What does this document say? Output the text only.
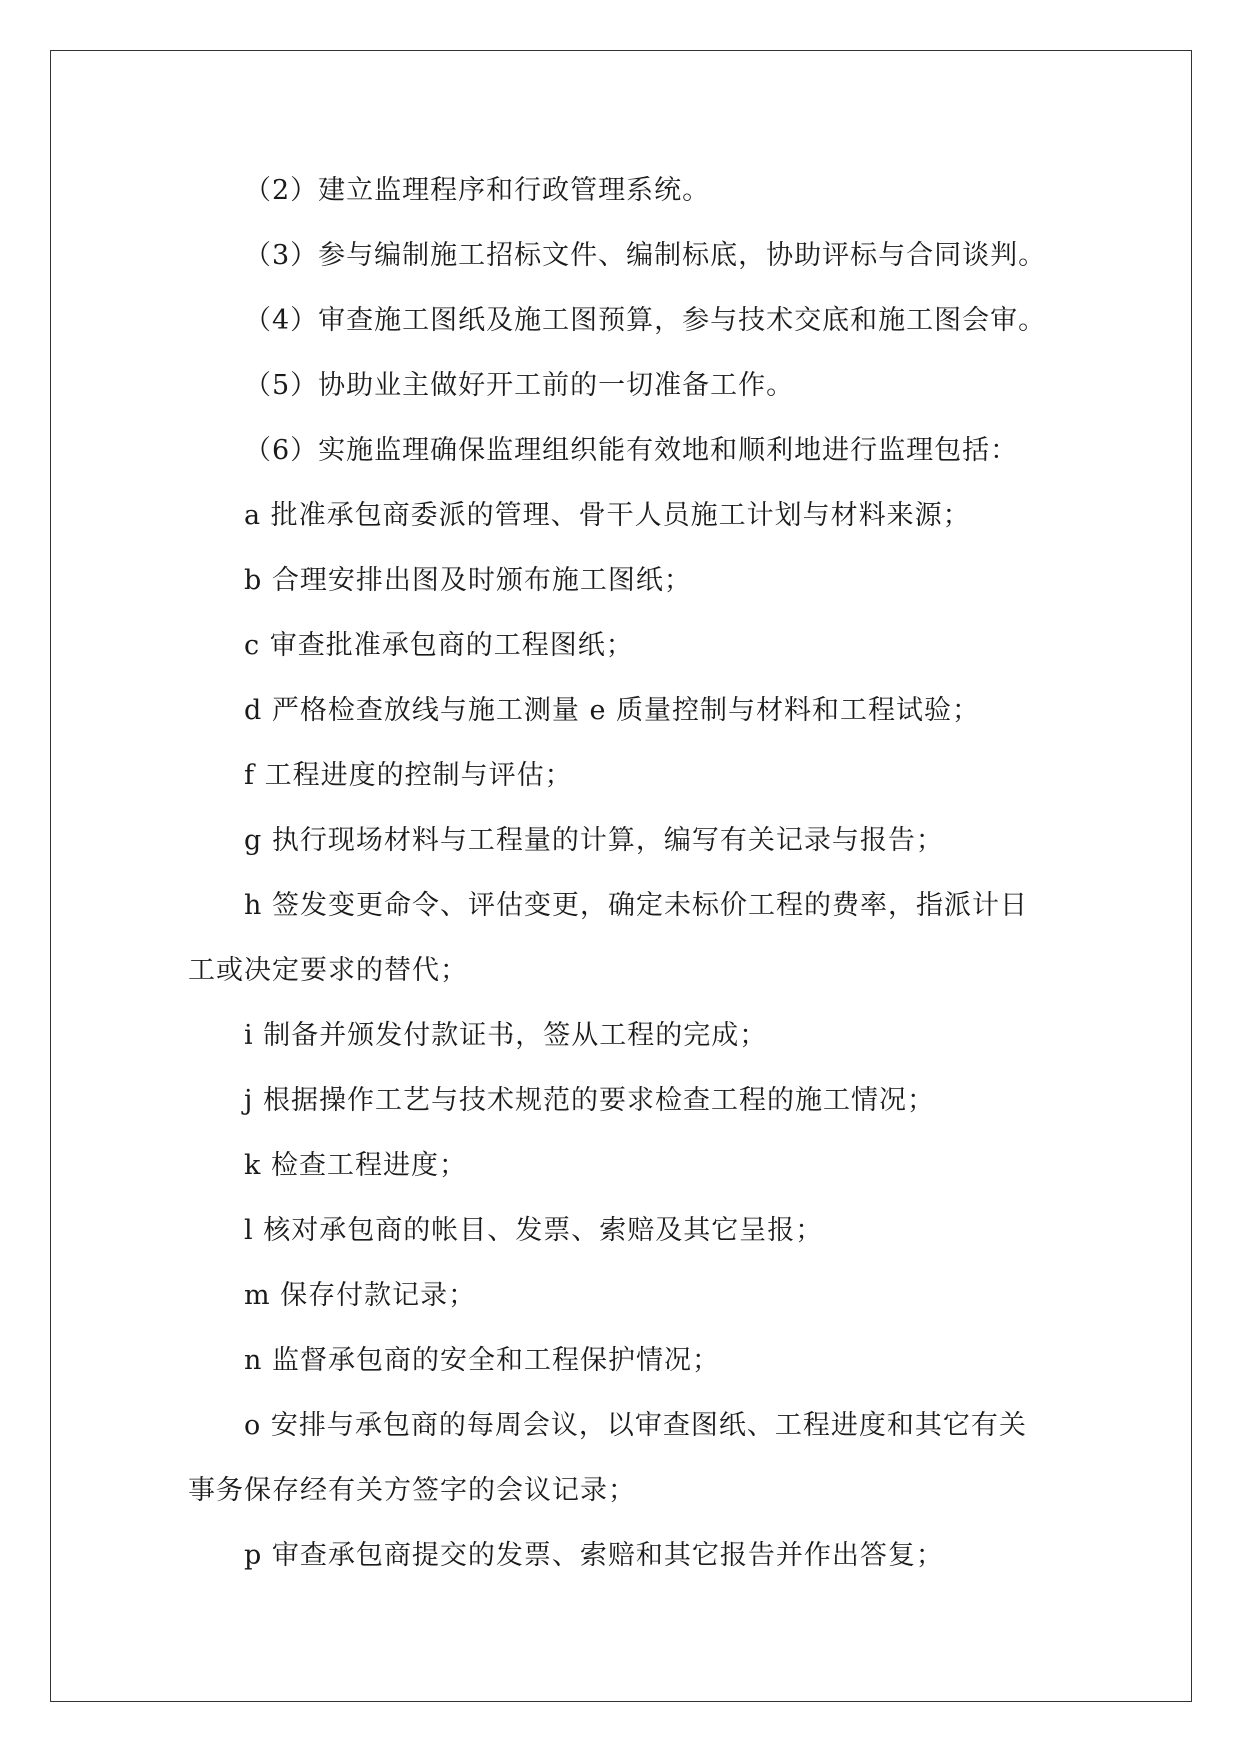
（2）建立监理程序和行政管理系统。

（3）参与编制施工招标文件、编制标底，协助评标与合同谈判。

（4）审查施工图纸及施工图预算，参与技术交底和施工图会审。

（5）协助业主做好开工前的一切准备工作。

（6）实施监理确保监理组织能有效地和顺利地进行监理包括：

a 批准承包商委派的管理、骨干人员施工计划与材料来源；

b 合理安排出图及时颁布施工图纸；

c 审查批准承包商的工程图纸；

d 严格检查放线与施工测量 e 质量控制与材料和工程试验；

f 工程进度的控制与评估；

g 执行现场材料与工程量的计算，编写有关记录与报告；

h 签发变更命令、评估变更，确定未标价工程的费率，指派计日

工或决定要求的替代；

i 制备并颁发付款证书，签从工程的完成；

j 根据操作工艺与技术规范的要求检查工程的施工情况；

k 检查工程进度；

l 核对承包商的帐目、发票、索赔及其它呈报；

m 保存付款记录；

n 监督承包商的安全和工程保护情况；

o 安排与承包商的每周会议，以审查图纸、工程进度和其它有关

事务保存经有关方签字的会议记录；

p 审查承包商提交的发票、索赔和其它报告并作出答复；
